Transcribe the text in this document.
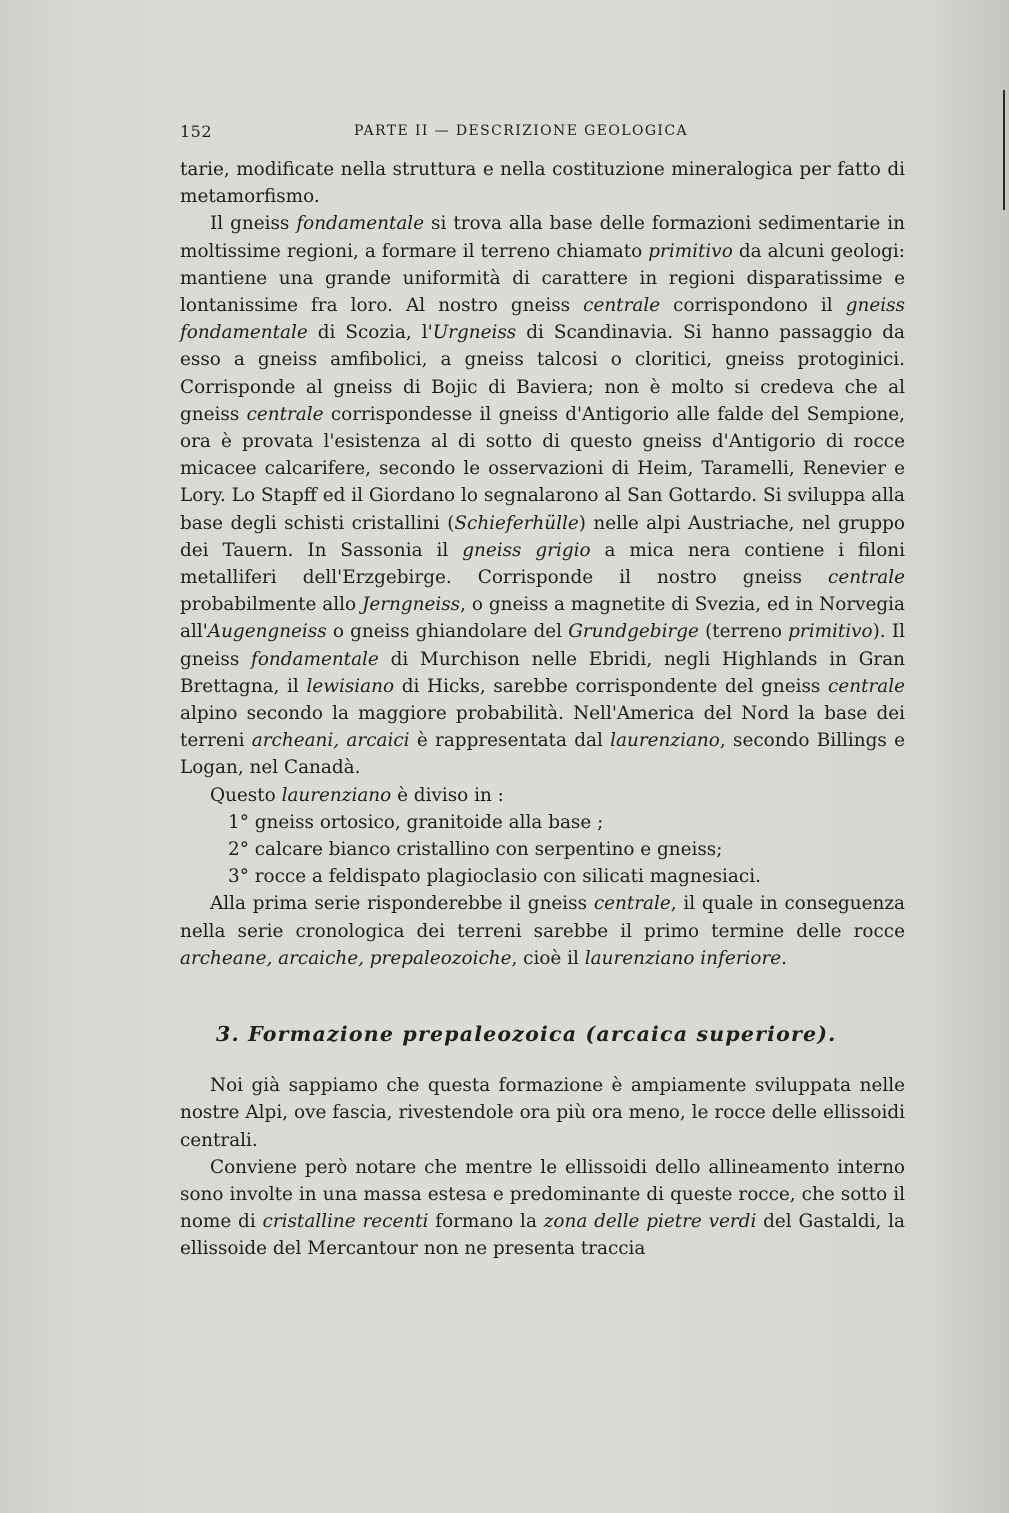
152	PARTE II — DESCRIZIONE GEOLOGICA

tarie, modificate nella struttura e nella costituzione mineralogica per fatto di metamorfismo.

Il gneiss fondamentale si trova alla base delle formazioni sedimentarie in moltissime regioni, a formare il terreno chiamato primitivo da alcuni geologi: mantiene una grande uniformità di carattere in regioni disparatissime e lontanissime fra loro. Al nostro gneiss centrale corrispondono il gneiss fondamentale di Scozia, l'Urgneiss di Scandinavia. Si hanno passaggio da esso a gneiss amfibolici, a gneiss talcosi o cloritici, gneiss protoginici. Corrisponde al gneiss di Bojic di Baviera; non è molto si credeva che al gneiss centrale corrispondesse il gneiss d'Antigorio alle falde del Sempione, ora è provata l'esistenza al di sotto di questo gneiss d'Antigorio di rocce micacee calcarifere, secondo le osservazioni di Heim, Taramelli, Renevier e Lory. Lo Stapff ed il Giordano lo segnalarono al San Gottardo. Si sviluppa alla base degli schisti cristallini (Schieferhülle) nelle alpi Austriache, nel gruppo dei Tauern. In Sassonia il gneiss grigio a mica nera contiene i filoni metalliferi dell'Erzgebirge. Corrisponde il nostro gneiss centrale probabilmente allo Jerngneiss, o gneiss a magnetite di Svezia, ed in Norvegia all'Augengneiss o gneiss ghiandolare del Grundgebirge (terreno primitivo). Il gneiss fondamentale di Murchison nelle Ebridi, negli Highlands in Gran Brettagna, il lewisiano di Hicks, sarebbe corrispondente del gneiss centrale alpino secondo la maggiore probabilità. Nell'America del Nord la base dei terreni archeani, arcaici è rappresentata dal laurenziano, secondo Billings e Logan, nel Canadà.

Questo laurenziano è diviso in :

1° gneiss ortosico, granitoide alla base ;

2° calcare bianco cristallino con serpentino e gneiss;

3° rocce a feldispato plagioclasio con silicati magnesiaci.

Alla prima serie risponderebbe il gneiss centrale, il quale in conseguenza nella serie cronologica dei terreni sarebbe il primo termine delle rocce archeane, arcaiche, prepaleozoiche, cioè il laurenziano inferiore.

3. Formazione prepaleozoica (arcaica superiore).

Noi già sappiamo che questa formazione è ampiamente sviluppata nelle nostre Alpi, ove fascia, rivestendole ora più ora meno, le rocce delle ellissoidi centrali.

Conviene però notare che mentre le ellissoidi dello allineamento interno sono involte in una massa estesa e predominante di queste rocce, che sotto il nome di cristalline recenti formano la zona delle pietre verdi del Gastaldi, la ellissoide del Mercantour non ne presenta traccia
